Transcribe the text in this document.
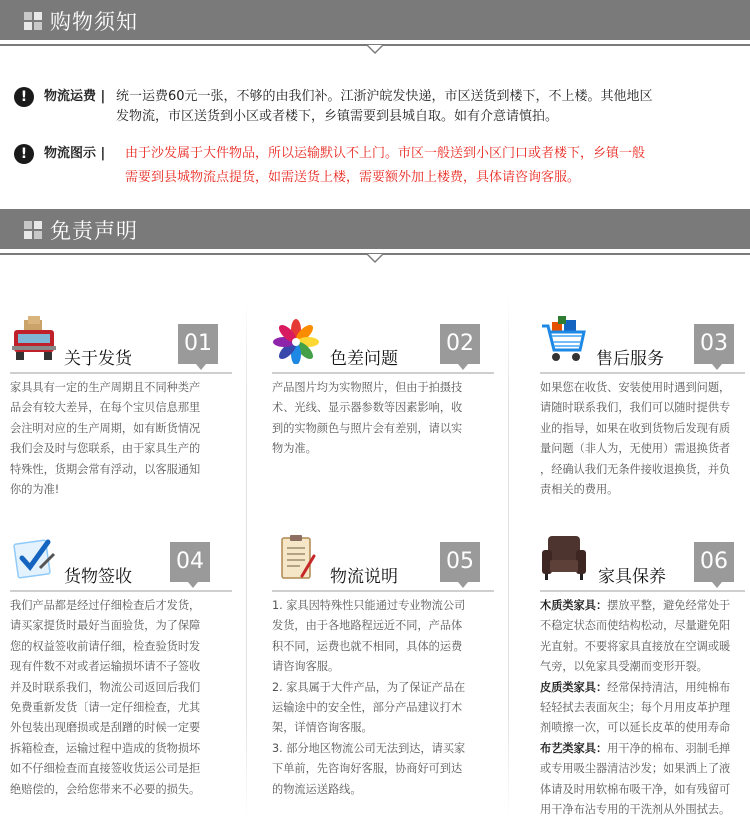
购物须知
!	物流运费 | 统一运费60元一张，不够的由我们补。江浙沪皖发快递，市区送货到楼下，不上楼。其他地区
发物流，市区送货到小区或者楼下，乡镇需要到县城自取。如有介意请慎拍。
!	物流图示 | 由于沙发属于大件物品，所以运输默认不上门。市区一般送到小区门口或者楼下，乡镇一般
需要到县城物流点提货，如需送货上楼，需要额外加上楼费，具体请咨询客服。
免责声明
关于发货
01

家具具有一定的生产周期且不同种类产

品会有较大差异，在每个宝贝信息那里

会注明对应的生产周期，如有断货情况

我们会及时与您联系，由于家具生产的

特殊性，货期会常有浮动，以客服通知

你的为准!

色差问题
02

产品图片均为实物照片，但由于拍摄技

术、光线、显示器参数等因素影响，收

到的实物颜色与照片会有差别，请以实

物为准。

售后服务
03

如果您在收货、安装使用时遇到问题，

请随时联系我们，我们可以随时提供专

业的指导，如果在收到货物后发现有质

量问题（非人为，无使用）需退换货者

，经确认我们无条件接收退换货，并负

责相关的费用。

货物签收
04

我们产品都是经过仔细检查后才发货，

请买家提货时最好当面验货，为了保障

您的权益签收前请仔细，检查验货时发

现有件数不对或者运输损坏请不子签收

并及时联系我们，物流公司返回后我们

免费重新发货〔请一定仔细检查，尤其

外包装出现磨损或是刮蹭的时候一定要

拆箱检查，运输过程中造成的货物损坏

如不仔细检查而直接签收货运公司是拒

绝赔偿的，会给您带来不必要的损失。

物流说明
05

1. 家具因特殊性只能通过专业物流公司

发货，由于各地路程远近不同，产品体

积不同，运费也就不相同，具体的运费

请咨询客服。

2. 家具属于大件产品，为了保证产品在

运输途中的安全性，部分产品建议打木

架，详情咨询客服。

3. 部分地区物流公司无法到达，请买家

下单前，先咨询好客服，协商好可到达

的物流运送路线。

家具保养
06

木质类家具：摆放平整，避免经常处于

不稳定状态而使结构松动，尽量避免阳

光直射。不要将家具直接放在空调或暖

气旁，以免家具受潮而变形开裂。

皮质类家具：经常保持清洁，用纯棉布

轻轻拭去表面灰尘；每个月用皮革护理

剂喷擦一次，可以延长皮革的使用寿命

布艺类家具：用干净的棉布、羽制毛掸

或专用吸尘器清洁沙发；如果洒上了液

体请及时用软棉布吸干净，如有残留可

用干净布沾专用的干洗剂从外围拭去。
